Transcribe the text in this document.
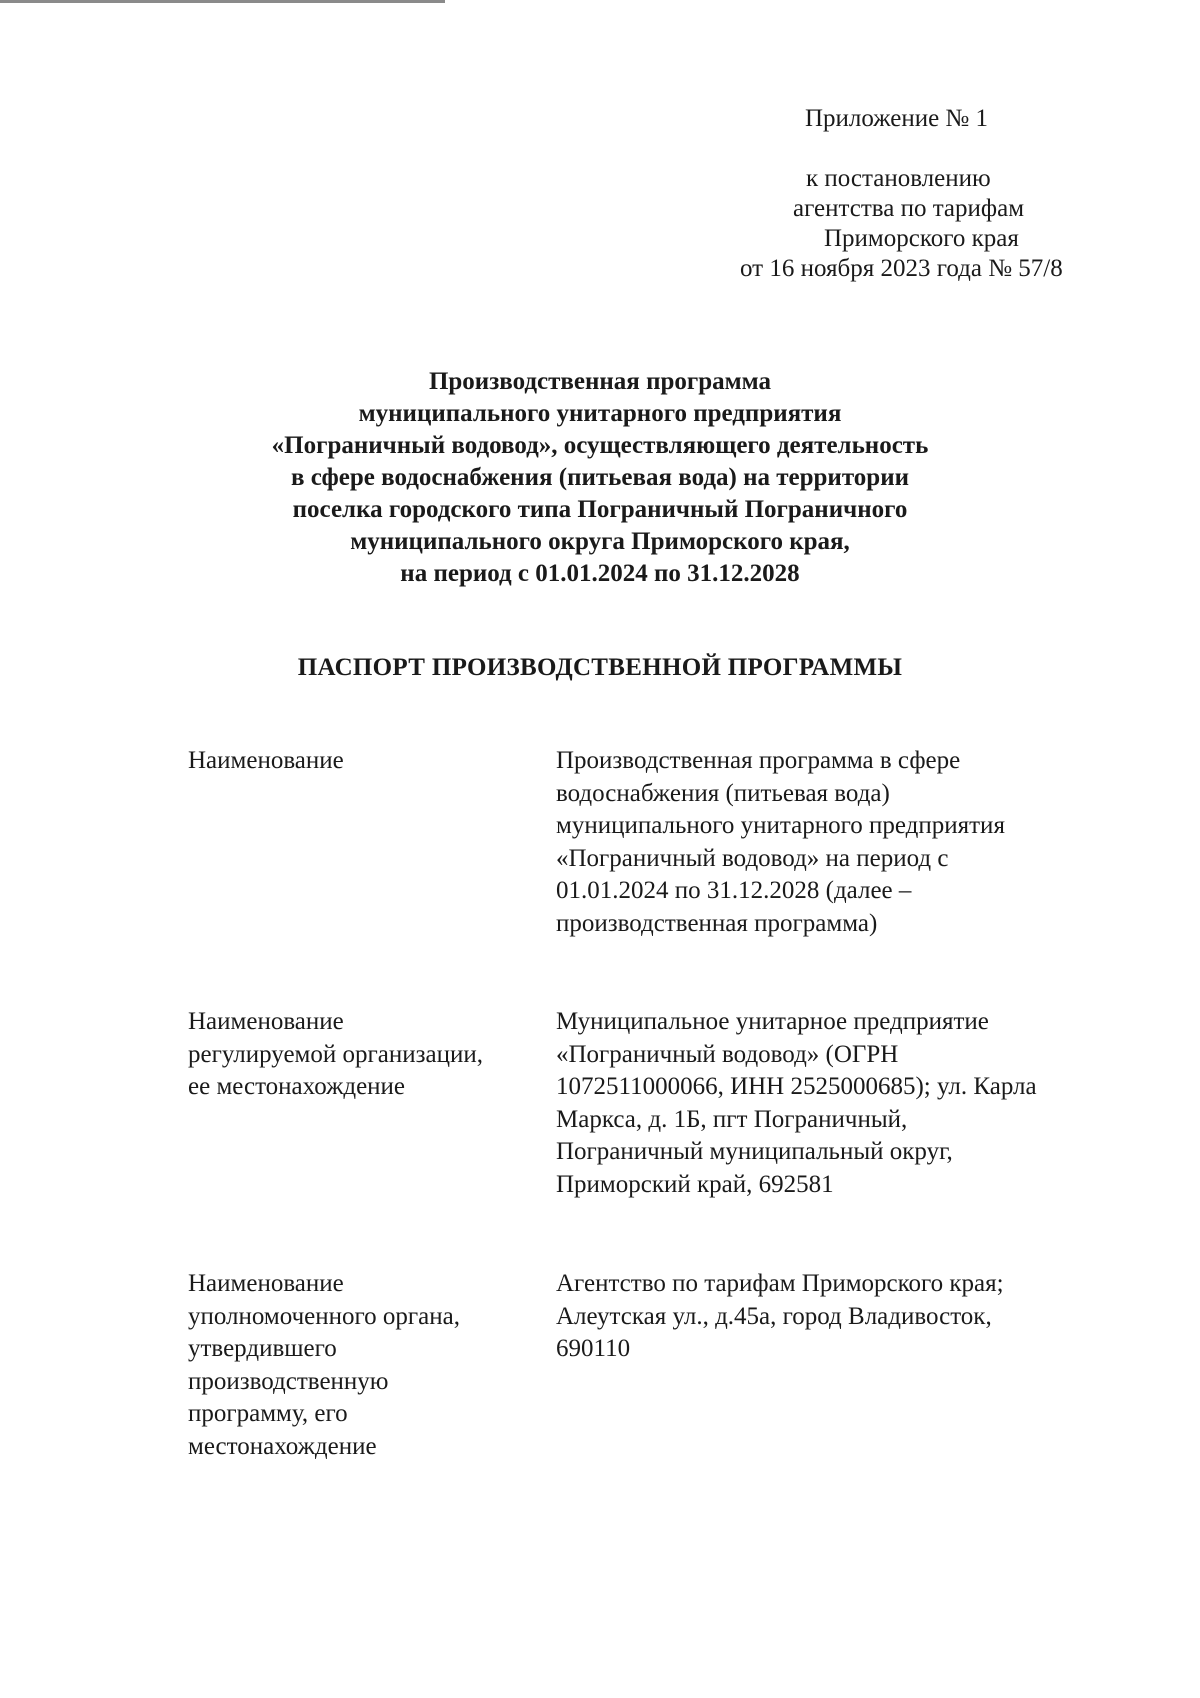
Приложение № 1
к постановлению
агентства по тарифам
Приморского края
от 16 ноября 2023 года № 57/8
Производственная программа
муниципального унитарного предприятия
«Пограничный водовод», осуществляющего деятельность
в сфере водоснабжения (питьевая вода) на территории
поселка городского типа Пограничный Пограничного
муниципального округа Приморского края,
на период с 01.01.2024 по 31.12.2028
ПАСПОРТ ПРОИЗВОДСТВЕННОЙ ПРОГРАММЫ
Наименование	Производственная программа в сфере
водоснабжения (питьевая вода)
муниципального унитарного предприятия
«Пограничный водовод» на период с
01.01.2024 по 31.12.2028 (далее –
производственная программа)
Наименование
регулируемой организации,
ее местонахождение
Муниципальное унитарное предприятие
«Пограничный водовод» (ОГРН
1072511000066, ИНН 2525000685); ул. Карла
Маркса, д. 1Б, пгт Пограничный,
Пограничный муниципальный округ,
Приморский край, 692581
Наименование
уполномоченного органа,
утвердившего
производственную
программу, его
местонахождение
Агентство по тарифам Приморского края;
Алеутская ул., д.45а, город Владивосток,
690110
